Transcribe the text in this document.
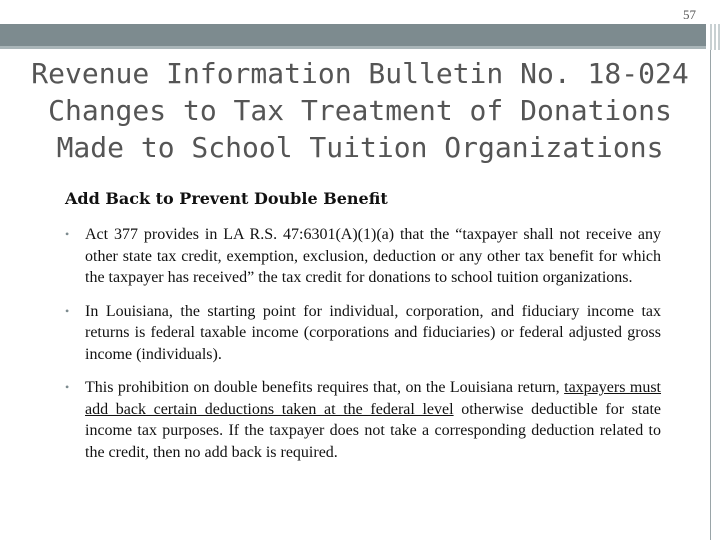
57
Revenue Information Bulletin No. 18-024
Changes to Tax Treatment of Donations
Made to School Tuition Organizations
Add Back to Prevent Double Benefit
• Act 377 provides in LA R.S. 47:6301(A)(1)(a) that the “taxpayer shall not receive any other state tax credit, exemption, exclusion, deduction or any other tax benefit for which the taxpayer has received” the tax credit for donations to school tuition organizations.
• In Louisiana, the starting point for individual, corporation, and fiduciary income tax returns is federal taxable income (corporations and fiduciaries) or federal adjusted gross income (individuals).
• This prohibition on double benefits requires that, on the Louisiana return, taxpayers must add back certain deductions taken at the federal level otherwise deductible for state income tax purposes. If the taxpayer does not take a corresponding deduction related to the credit, then no add back is required.
